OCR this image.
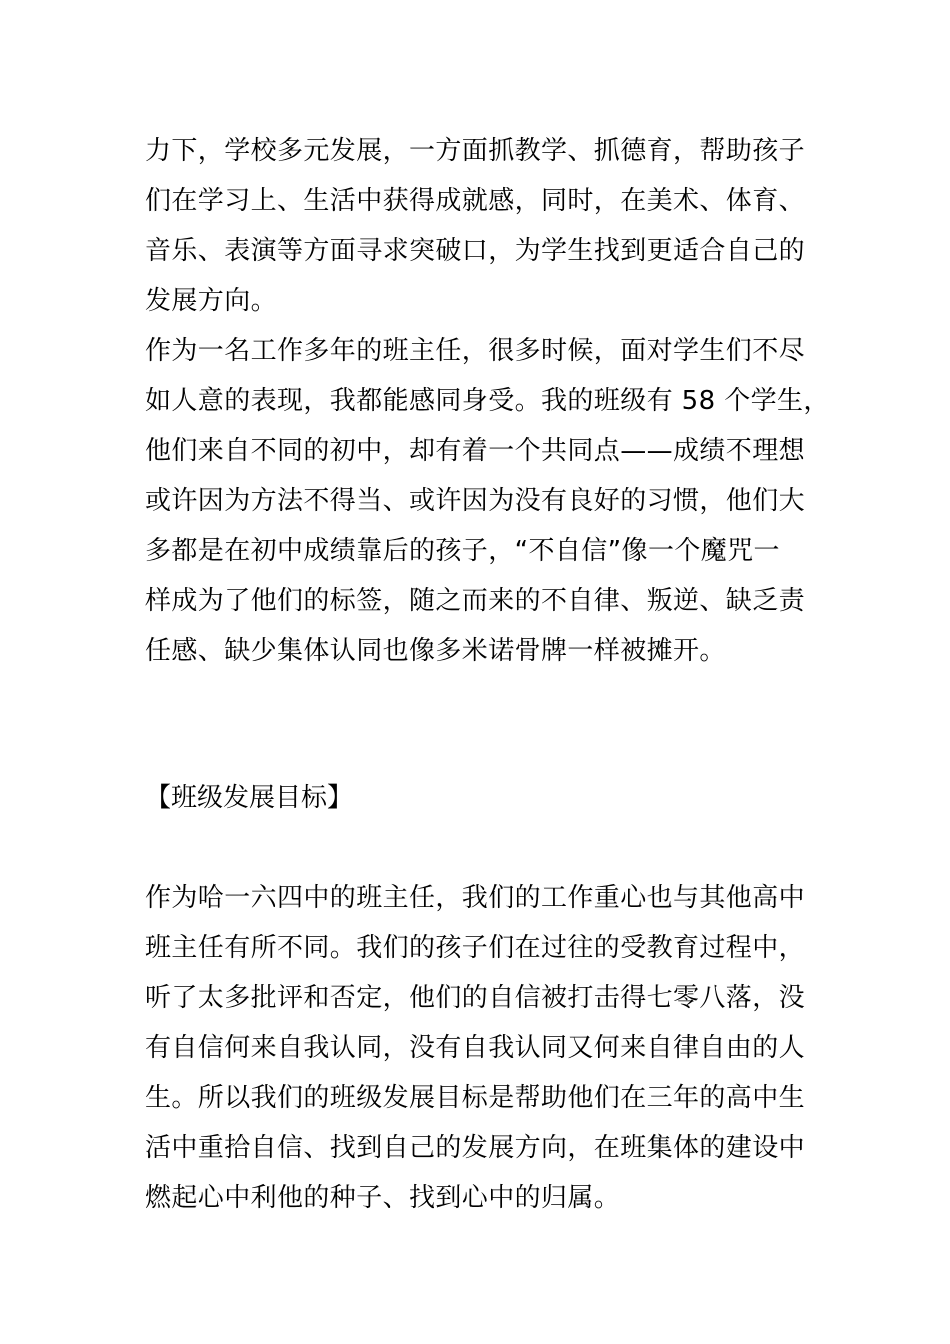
力下，学校多元发展，一方面抓教学、抓德育，帮助孩子
们在学习上、生活中获得成就感，同时，在美术、体育、
音乐、表演等方面寻求突破口，为学生找到更适合自己的
发展方向。
作为一名工作多年的班主任，很多时候，面对学生们不尽
如人意的表现，我都能感同身受。我的班级有 58 个学生，
他们来自不同的初中，却有着一个共同点——成绩不理想
或许因为方法不得当、或许因为没有良好的习惯，他们大
多都是在初中成绩靠后的孩子，“不自信”像一个魔咒一
样成为了他们的标签，随之而来的不自律、叛逆、缺乏责
任感、缺少集体认同也像多米诺骨牌一样被摊开。
【班级发展目标】
作为哈一六四中的班主任，我们的工作重心也与其他高中
班主任有所不同。我们的孩子们在过往的受教育过程中，
听了太多批评和否定，他们的自信被打击得七零八落，没
有自信何来自我认同，没有自我认同又何来自律自由的人
生。所以我们的班级发展目标是帮助他们在三年的高中生
活中重拾自信、找到自己的发展方向，在班集体的建设中
燃起心中利他的种子、找到心中的归属。
